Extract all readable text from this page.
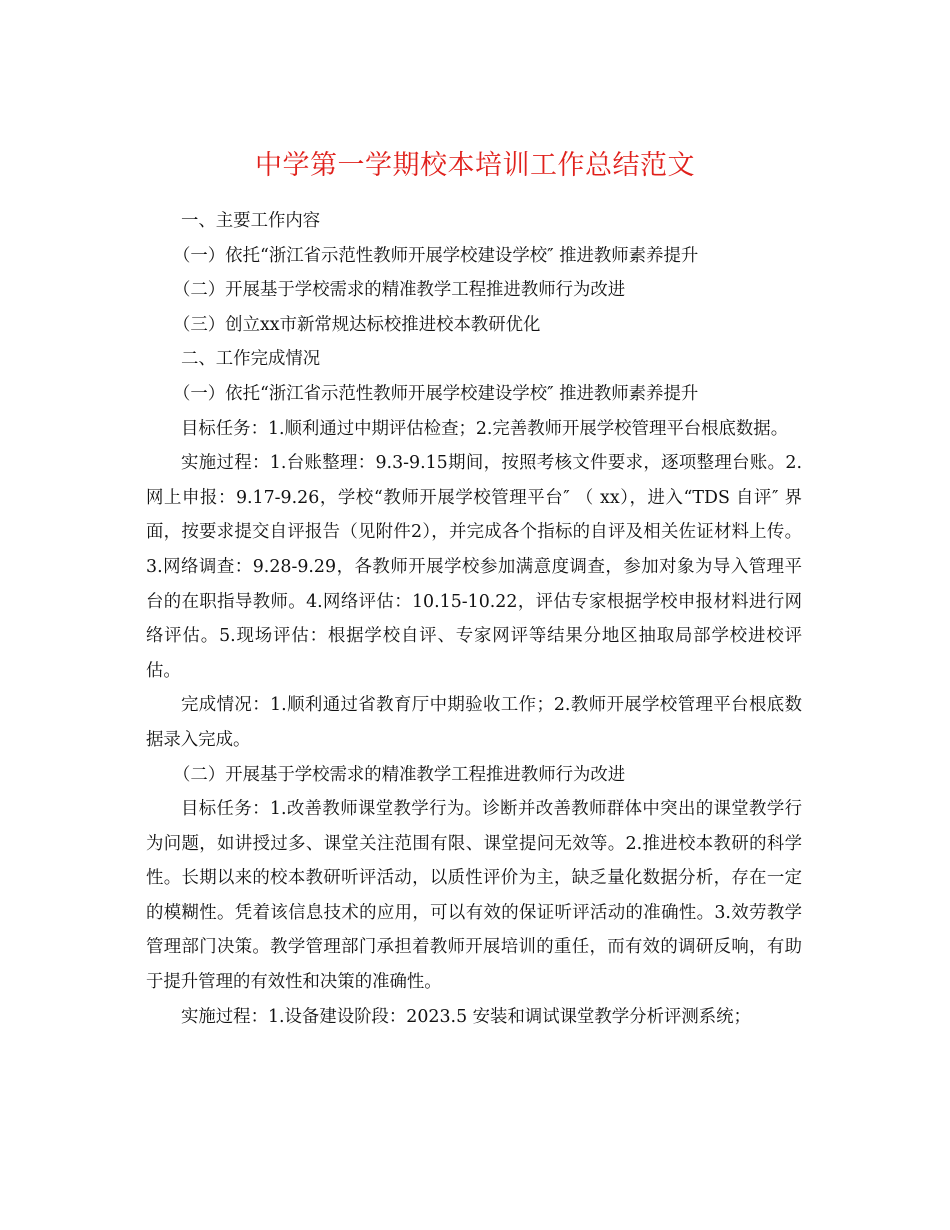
中学第一学期校本培训工作总结范文

一、主要工作内容

（一）依托“浙江省示范性教师开展学校建设学校″ 推进教师素养提升

（二）开展基于学校需求的精准教学工程推进教师行为改进

（三）创立xx市新常规达标校推进校本教研优化

二、工作完成情况

（一）依托“浙江省示范性教师开展学校建设学校″ 推进教师素养提升

目标任务：1.顺利通过中期评估检查；2.完善教师开展学校管理平台根底数据。

实施过程：1.台账整理：9.3-9.15期间，按照考核文件要求，逐项整理台账。2.网上申报：9.17-9.26，学校“教师开展学校管理平台″ （ xx），进入“TDS 自评″ 界面，按要求提交自评报告（见附件2），并完成各个指标的自评及相关佐证材料上传。3.网络调查：9.28-9.29，各教师开展学校参加满意度调查，参加对象为导入管理平台的在职指导教师。4.网络评估：10.15-10.22，评估专家根据学校申报材料进行网络评估。5.现场评估：根据学校自评、专家网评等结果分地区抽取局部学校进校评估。

完成情况：1.顺利通过省教育厅中期验收工作；2.教师开展学校管理平台根底数据录入完成。

（二）开展基于学校需求的精准教学工程推进教师行为改进

目标任务：1.改善教师课堂教学行为。诊断并改善教师群体中突出的课堂教学行为问题，如讲授过多、课堂关注范围有限、课堂提问无效等。2.推进校本教研的科学性。长期以来的校本教研听评活动，以质性评价为主，缺乏量化数据分析，存在一定的模糊性。凭着该信息技术的应用，可以有效的保证听评活动的准确性。3.效劳教学管理部门决策。教学管理部门承担着教师开展培训的重任，而有效的调研反响，有助于提升管理的有效性和决策的准确性。

实施过程：1.设备建设阶段：2023.5 安装和调试课堂教学分析评测系统；
